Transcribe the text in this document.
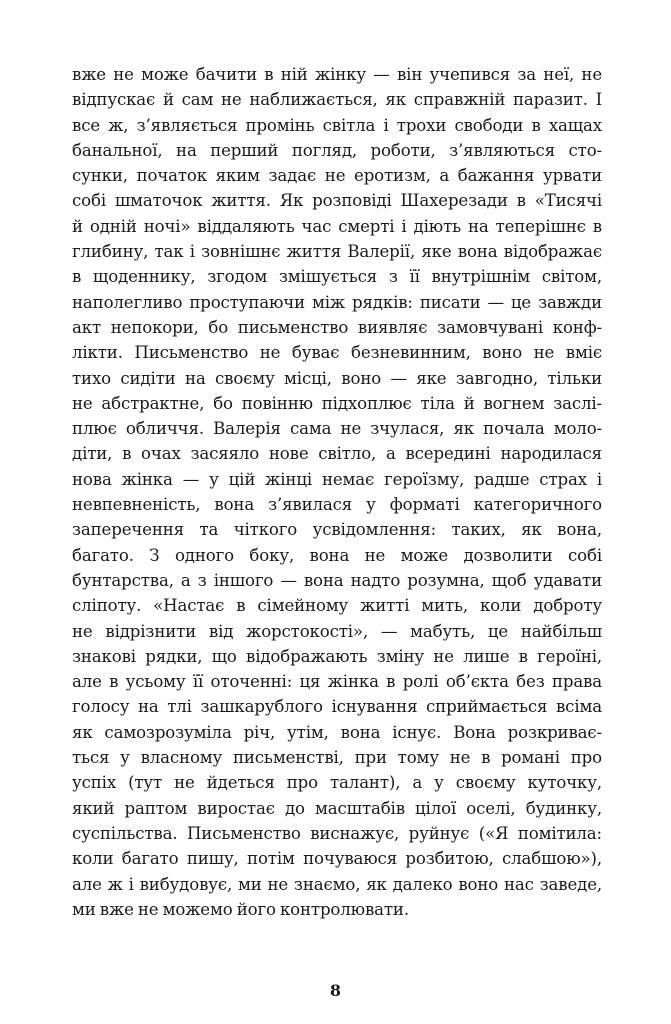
вже не може бачити в ній жінку — він учепився за неї, не
відпускає й сам не наближається, як справжній паразит. І
все ж, з’являється промінь світла і трохи свободи в хащах
банальної, на перший погляд, роботи, з’являються сто-
сунки, початок яким задає не еротизм, а бажання урвати
собі шматочок життя. Як розповіді Шахерезади в «Тисячі
й одній ночі» віддаляють час смерті і діють на теперішнє в
глибину, так і зовнішнє життя Валерії, яке вона відображає
в щоденнику, згодом змішується з її внутрішнім світом,
наполегливо проступаючи між рядків: писати — це завжди
акт непокори, бо письменство виявляє замовчувані конф-
лікти. Письменство не буває безневинним, воно не вміє
тихо сидіти на своєму місці, воно — яке завгодно, тільки
не абстрактне, бо повінню підхоплює тіла й вогнем заслі-
плює обличчя. Валерія сама не зчулася, як почала моло-
діти, в очах засяяло нове світло, а всередині народилася
нова жінка — у цій жінці немає героїзму, радше страх і
невпевненість, вона з’явилася у форматі категоричного
заперечення та чіткого усвідомлення: таких, як вона,
багато. З одного боку, вона не може дозволити собі
бунтарства, а з іншого — вона надто розумна, щоб удавати
сліпоту. «Настає в сімейному житті мить, коли доброту
не відрізнити від жорстокості», — мабуть, це найбільш
знакові рядки, що відображають зміну не лише в героїні,
але в усьому її оточенні: ця жінка в ролі об’єкта без права
голосу на тлі зашкарублого існування сприймається всіма
як самозрозуміла річ, утім, вона існує. Вона розкриває-
ться у власному письменстві, при тому не в романі про
успіх (тут не йдеться про талант), а у своєму куточку,
який раптом виростає до масштабів цілої оселі, будинку,
суспільства. Письменство виснажує, руйнує («Я помітила:
коли багато пишу, потім почуваюся розбитою, слабшою»),
але ж і вибудовує, ми не знаємо, як далеко воно нас заведе,
ми вже не можемо його контролювати.
8
